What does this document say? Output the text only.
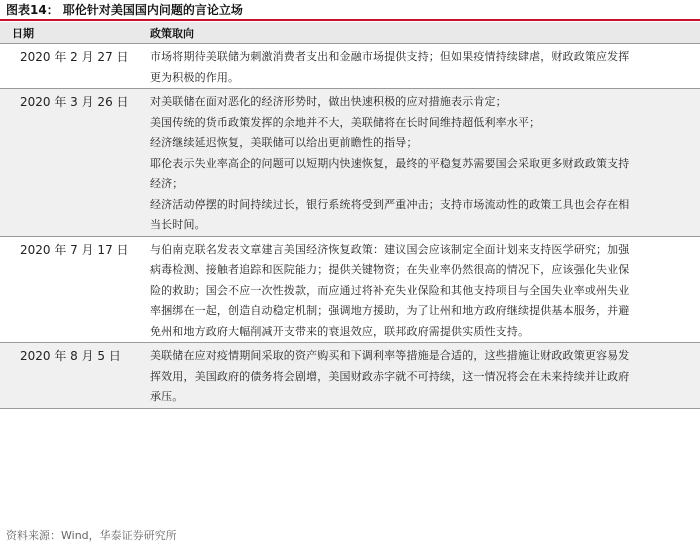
图表14： 耶伦针对美国国内问题的言论立场
日期	政策取向
2020 年 2 月 27 日 市场将期待美联储为刺激消费者支出和金融市场提供支持；但如果疫情持续肆虐，财政政策应发挥
更为积极的作用。
2020 年 3 月 26 日 对美联储在面对恶化的经济形势时，做出快速积极的应对措施表示肯定；
美国传统的货币政策发挥的余地并不大，美联储将在长时间维持超低利率水平；
经济继续延迟恢复，美联储可以给出更前瞻性的指导；
耶伦表示失业率高企的问题可以短期内快速恢复，最终的平稳复苏需要国会采取更多财政政策支持
经济；
经济活动停摆的时间持续过长，银行系统将受到严重冲击；支持市场流动性的政策工具也会存在相
当长时间。
2020 年 7 月 17 日 与伯南克联名发表文章建言美国经济恢复政策：建议国会应该制定全面计划来支持医学研究；加强
病毒检测、接触者追踪和医院能力；提供关键物资；在失业率仍然很高的情况下，应该强化失业保
险的救助；国会不应一次性拨款，而应通过将补充失业保险和其他支持项目与全国失业率或州失业
率捆绑在一起，创造自动稳定机制；强调地方援助，为了让州和地方政府继续提供基本服务，并避
免州和地方政府大幅削减开支带来的衰退效应，联邦政府需提供实质性支持。
2020 年 8 月 5 日	美联储在应对疫情期间采取的资产购买和下调利率等措施是合适的，这些措施让财政政策更容易发
挥效用，美国政府的债务将会剧增，美国财政赤字就不可持续，这一情况将会在未来持续并让政府
承压。
资料来源：Wind，华泰证券研究所
